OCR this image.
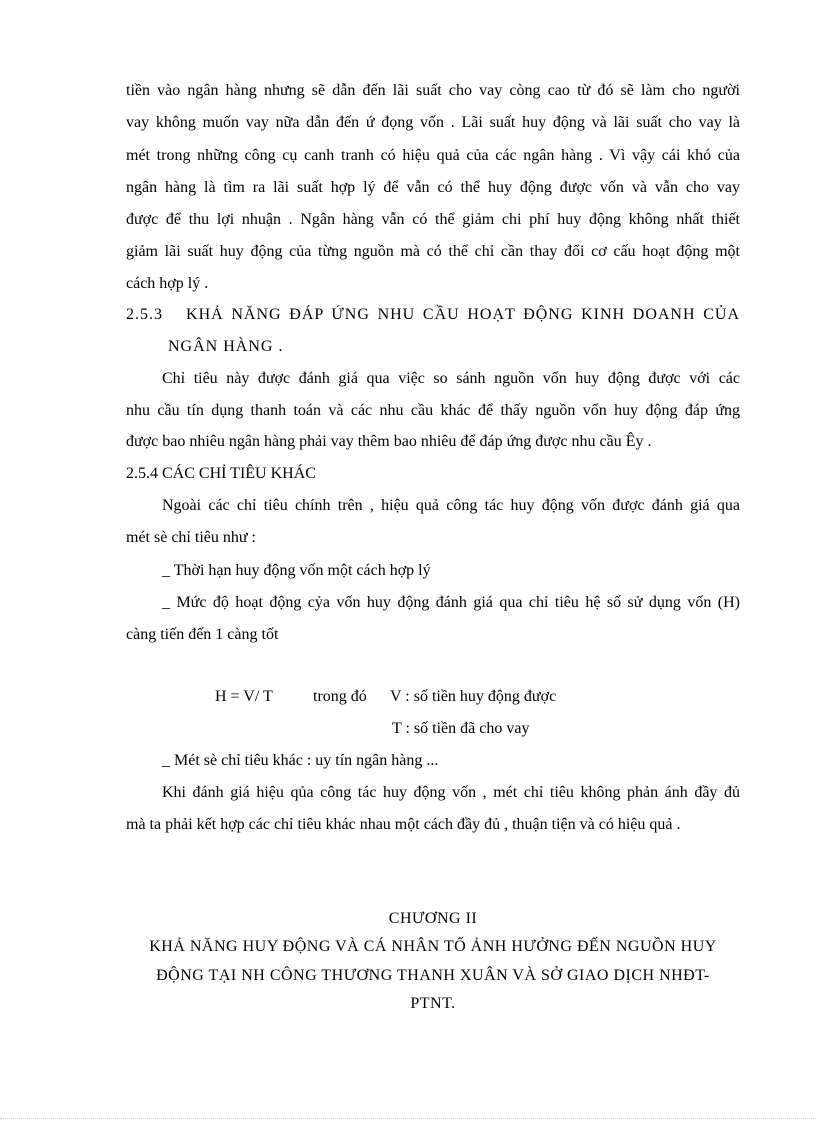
tiền vào ngân hàng nhưng sẽ dẫn đến lãi suất cho vay còng cao từ đó sẽ làm cho người
vay không muốn vay nữa dẫn đến ứ đọng vốn . Lãi suất huy động và lãi suất cho vay là
mét trong những công cụ canh tranh có hiệu quả của các ngân hàng . Vì vậy cái khó của
ngân hàng là tìm ra lãi suất hợp lý để vẫn có thể huy động được vốn và vẫn cho vay
được để thu lợi nhuận . Ngân hàng vẫn có thể giảm chi phí huy động không nhất thiết
giảm lãi suất huy động của từng nguồn mà có thể chỉ cần thay đổi cơ cấu hoạt động một
cách hợp lý .
2.5.3   KHẢ NĂNG ĐÁP ỨNG NHU CẦU HOẠT ĐỘNG KINH DOANH CỦA
NGÂN HÀNG .
Chỉ tiêu này được đánh giá qua việc so sánh nguồn vốn huy động được với các
nhu cầu tín dụng thanh toán và các nhu cầu khác để thấy nguồn vốn huy động đáp ứng
được bao nhiêu ngân hàng phải vay thêm bao nhiêu để đáp ứng được nhu cầu Êy .
2.5.4 CÁC CHỈ TIÊU KHÁC
Ngoài các chỉ tiêu chính trên , hiệu quả công tác huy động vốn được đánh giá qua
mét sè chỉ tiêu như :
_ Thời hạn huy động vốn một cách hợp lý
_ Mức độ hoạt động cỷa vốn huy động đánh giá qua chỉ tiêu hệ số sử dụng vốn (H)
càng tiến đến 1 càng tốt
H = V/ T	trong đó V : số tiền huy động được
T : số tiền đã cho vay
_ Mét sè chỉ tiêu khác : uy tín ngân hàng ...
Khi đánh giá hiệu qủa công tác huy động vốn , mét chỉ tiêu không phản ánh đầy đủ
mà ta phải kết hợp các chỉ tiêu khác nhau một cách đầy đủ , thuận tiện và có hiệu quả .
CHƯƠNG II
KHẢ NĂNG HUY ĐỘNG VÀ CÁ NHÂN TỐ ẢNH HƯỞNG ĐẾN NGUỒN HUY
ĐỘNG TẠI NH CÔNG THƯƠNG THANH XUÂN VÀ SỞ GIAO DỊCH NHĐT-
PTNT.
